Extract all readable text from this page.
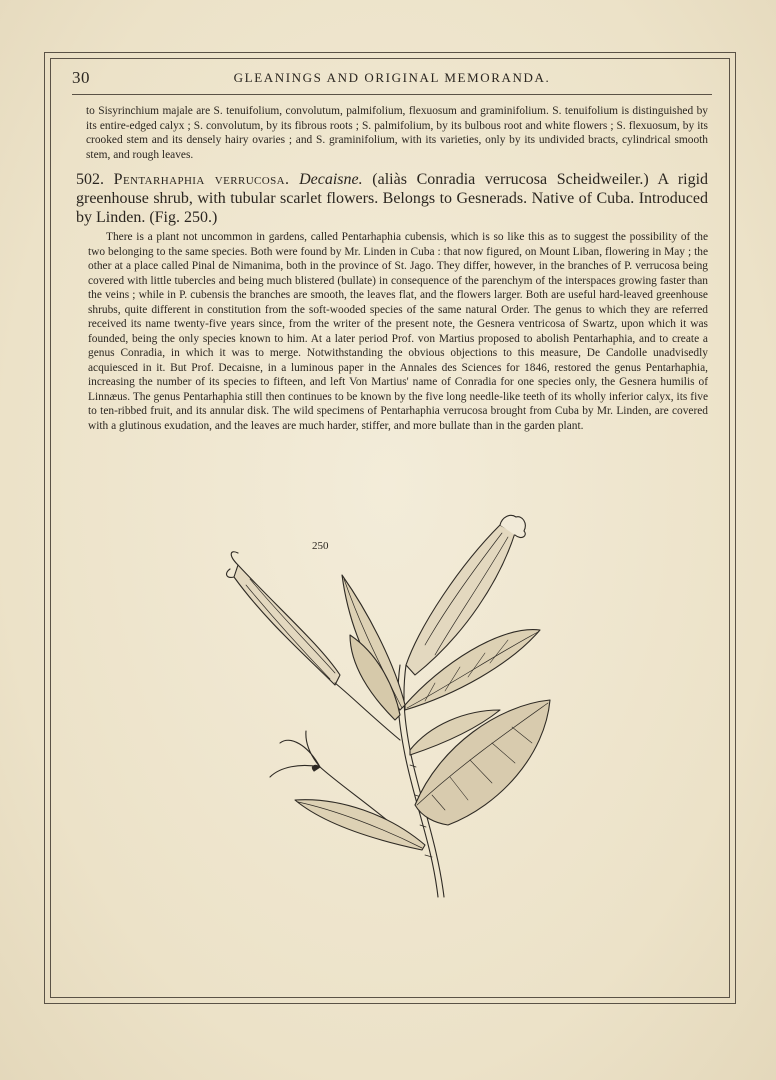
30	GLEANINGS AND ORIGINAL MEMORANDA.

to Sisyrinchium majale are S. tenuifolium, convolutum, palmifolium, flexuosum and graminifolium. S. tenuifolium is distinguished by its entire-edged calyx ; S. convolutum, by its fibrous roots ; S. palmifolium, by its bulbous root and white flowers ; S. flexuosum, by its crooked stem and its densely hairy ovaries ; and S. graminifolium, with its varieties, only by its undivided bracts, cylindrical smooth stem, and rough leaves.

502. Pentarhaphia verrucosa. Decaisne. (aliàs Conradia verrucosa Scheidweiler.) A rigid greenhouse shrub, with tubular scarlet flowers. Belongs to Gesnerads. Native of Cuba. Introduced by Linden. (Fig. 250.)

There is a plant not uncommon in gardens, called Pentarhaphia cubensis, which is so like this as to suggest the possibility of the two belonging to the same species. Both were found by Mr. Linden in Cuba : that now figured, on Mount Liban, flowering in May ; the other at a place called Pinal de Nimanima, both in the province of St. Jago. They differ, however, in the branches of P. verrucosa being covered with little tubercles and being much blistered (bullate) in consequence of the parenchym of the interspaces growing faster than the veins ; while in P. cubensis the branches are smooth, the leaves flat, and the flowers larger. Both are useful hard-leaved greenhouse shrubs, quite different in constitution from the soft-wooded species of the same natural Order. The genus to which they are referred received its name twenty-five years since, from the writer of the present note, the Gesnera ventricosa of Swartz, upon which it was founded, being the only species known to him. At a later period Prof. von Martius proposed to abolish Pentarhaphia, and to create a genus Conradia, in which it was to merge. Notwithstanding the obvious objections to this measure, De Candolle unadvisedly acquiesced in it. But Prof. Decaisne, in a luminous paper in the Annales des Sciences for 1846, restored the genus Pentarhaphia, increasing the number of its species to fifteen, and left Von Martius' name of Conradia for one species only, the Gesnera humilis of Linnæus. The genus Pentarhaphia still then continues to be known by the five long needle-like teeth of its wholly inferior calyx, its five to ten-ribbed fruit, and its annular disk. The wild specimens of Pentarhaphia verrucosa brought from Cuba by Mr. Linden, are covered with a glutinous exudation, and the leaves are much harder, stiffer, and more bullate than in the garden plant.

250
